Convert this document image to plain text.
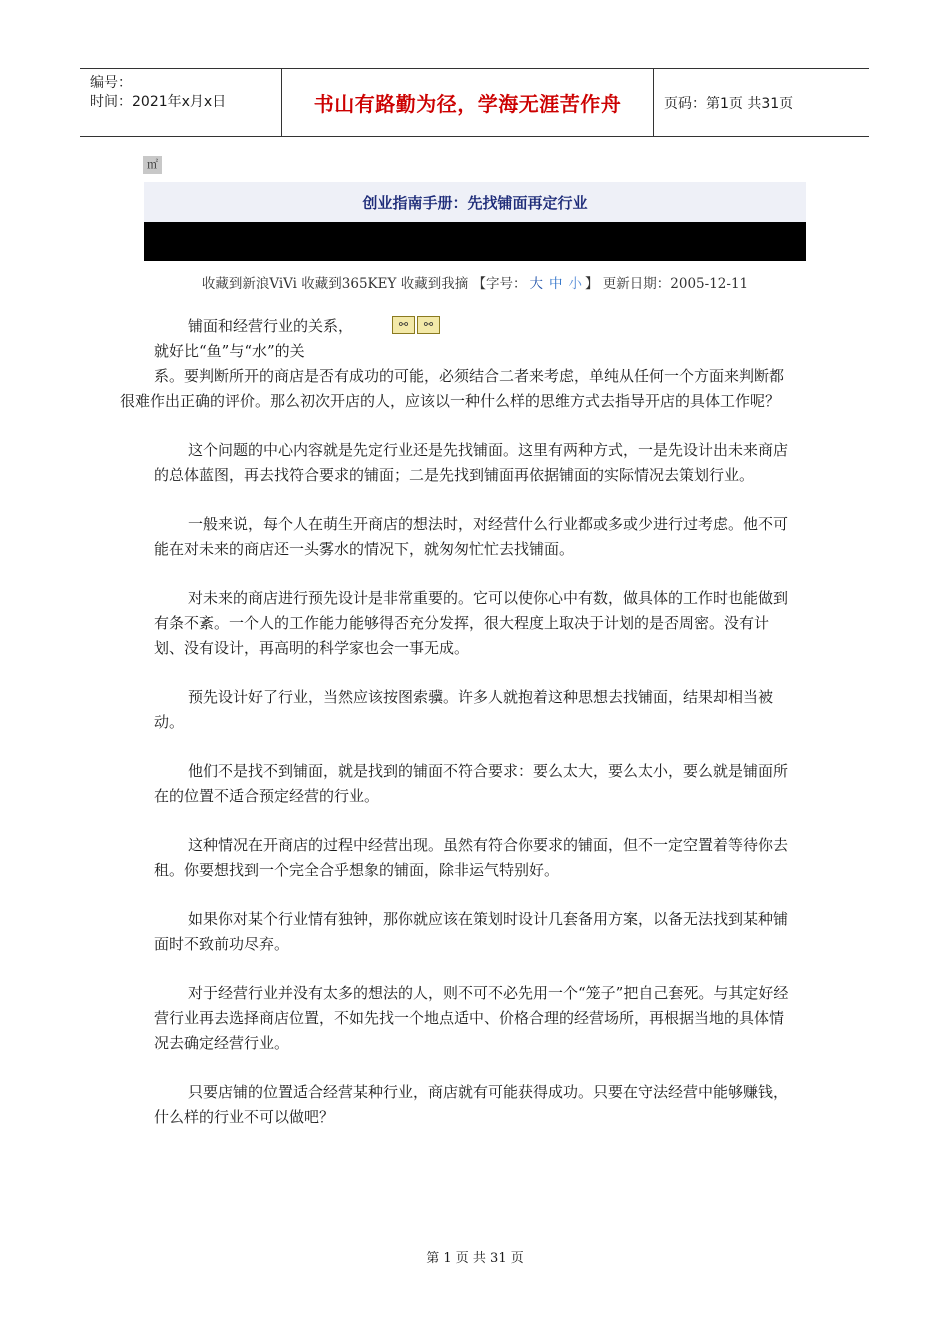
编号：
时间：2021年x月x日	书山有路勤为径，学海无涯苦作舟	页码：第1页 共31页
㎡
创业指南手册：先找铺面再定行业
收藏到新浪ViVi 收藏到365KEY 收藏到我摘 【字号： 大 中 小 】 更新日期：2005-12-11
⚯	⚯

铺面和经营行业的关系，
就好比“鱼”与“水”的关

系。要判断所开的商店是否有成功的可能，必须结合二者来考虑，单纯从任何一个方面来判断都很难作出正确的评价。那么初次开店的人，应该以一种什么样的思维方式去指导开店的具体工作呢？

这个问题的中心内容就是先定行业还是先找铺面。这里有两种方式，一是先设计出未来商店的总体蓝图，再去找符合要求的铺面；二是先找到铺面再依据铺面的实际情况去策划行业。

一般来说，每个人在萌生开商店的想法时，对经营什么行业都或多或少进行过考虑。他不可能在对未来的商店还一头雾水的情况下，就匆匆忙忙去找铺面。

对未来的商店进行预先设计是非常重要的。它可以使你心中有数，做具体的工作时也能做到有条不紊。一个人的工作能力能够得否充分发挥，很大程度上取决于计划的是否周密。没有计划、没有设计，再高明的科学家也会一事无成。

预先设计好了行业，当然应该按图索骥。许多人就抱着这种思想去找铺面，结果却相当被动。

他们不是找不到铺面，就是找到的铺面不符合要求：要么太大，要么太小，要么就是铺面所在的位置不适合预定经营的行业。

这种情况在开商店的过程中经营出现。虽然有符合你要求的铺面，但不一定空置着等待你去租。你要想找到一个完全合乎想象的铺面，除非运气特别好。

如果你对某个行业情有独钟，那你就应该在策划时设计几套备用方案，以备无法找到某种铺面时不致前功尽弃。

对于经营行业并没有太多的想法的人，则不可不必先用一个“笼子”把自己套死。与其定好经营行业再去选择商店位置，不如先找一个地点适中、价格合理的经营场所，再根据当地的具体情况去确定经营行业。

只要店铺的位置适合经营某种行业，商店就有可能获得成功。只要在守法经营中能够赚钱，什么样的行业不可以做吧？

第 1 页 共 31 页
